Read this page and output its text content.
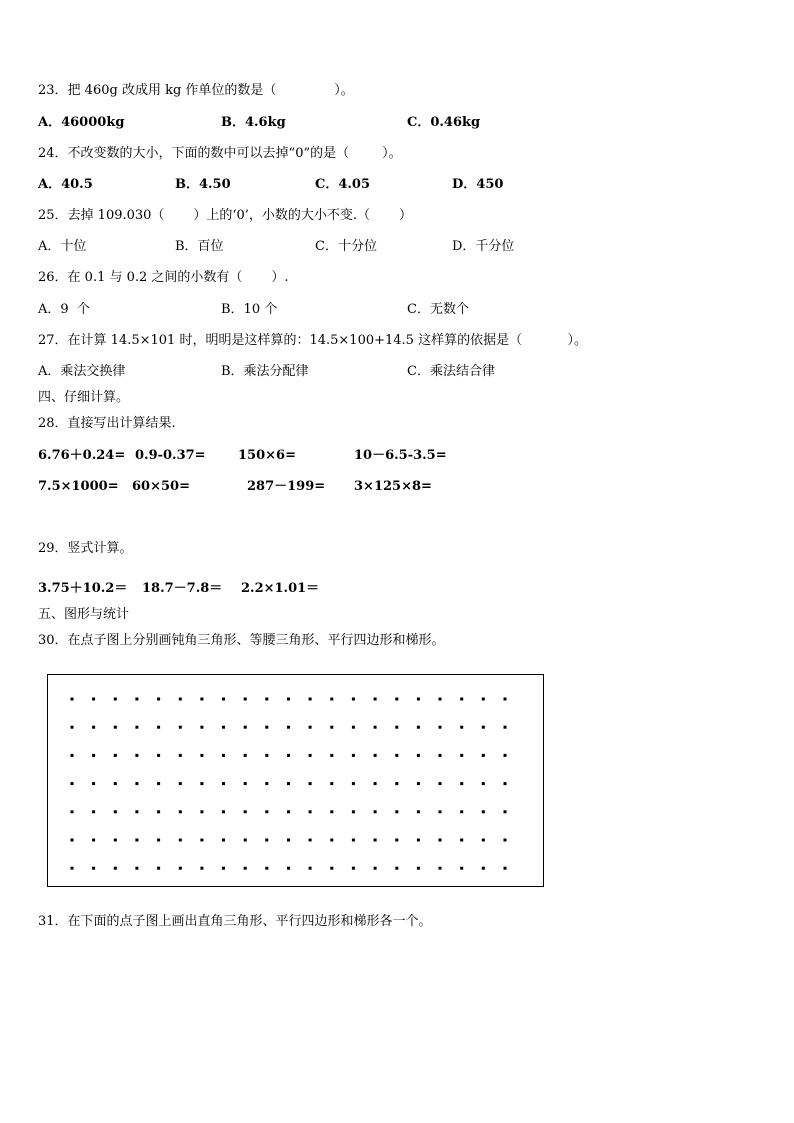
23．把 460g 改成用 kg 作单位的数是（              ）。
A．46000kg	B．4.6kg	C．0.46kg
24．不改变数的大小，下面的数中可以去掉“0”的是（        ）。
A．40.5	B．4.50	C．4.05	D．450
25．去掉 109.030（       ）上的‘0’，小数的大小不变.（       ）
A．十位	B．百位	C．十分位	D．千分位
26．在 0.1 与 0.2 之间的小数有（       ）.
A．9  个	B．10 个	C．无数个
27．在计算 14.5×101 时，明明是这样算的：14.5×100+14.5 这样算的依据是（           ）。
A．乘法交换律	B．乘法分配律	C．乘法结合律
四、仔细计算。
28．直接写出计算结果.
6.76＋0.24= 0.9-0.37= 150×6=	10－6.5-3.5=
7.5×1000= 60×50=	287－199= 3×125×8=
29．竖式计算。
3.75＋10.2＝ 18.7－7.8＝ 2.2×1.01＝
五、图形与统计
30．在点子图上分别画钝角三角形、等腰三角形、平行四边形和梯形。
31．在下面的点子图上画出直角三角形、平行四边形和梯形各一个。
